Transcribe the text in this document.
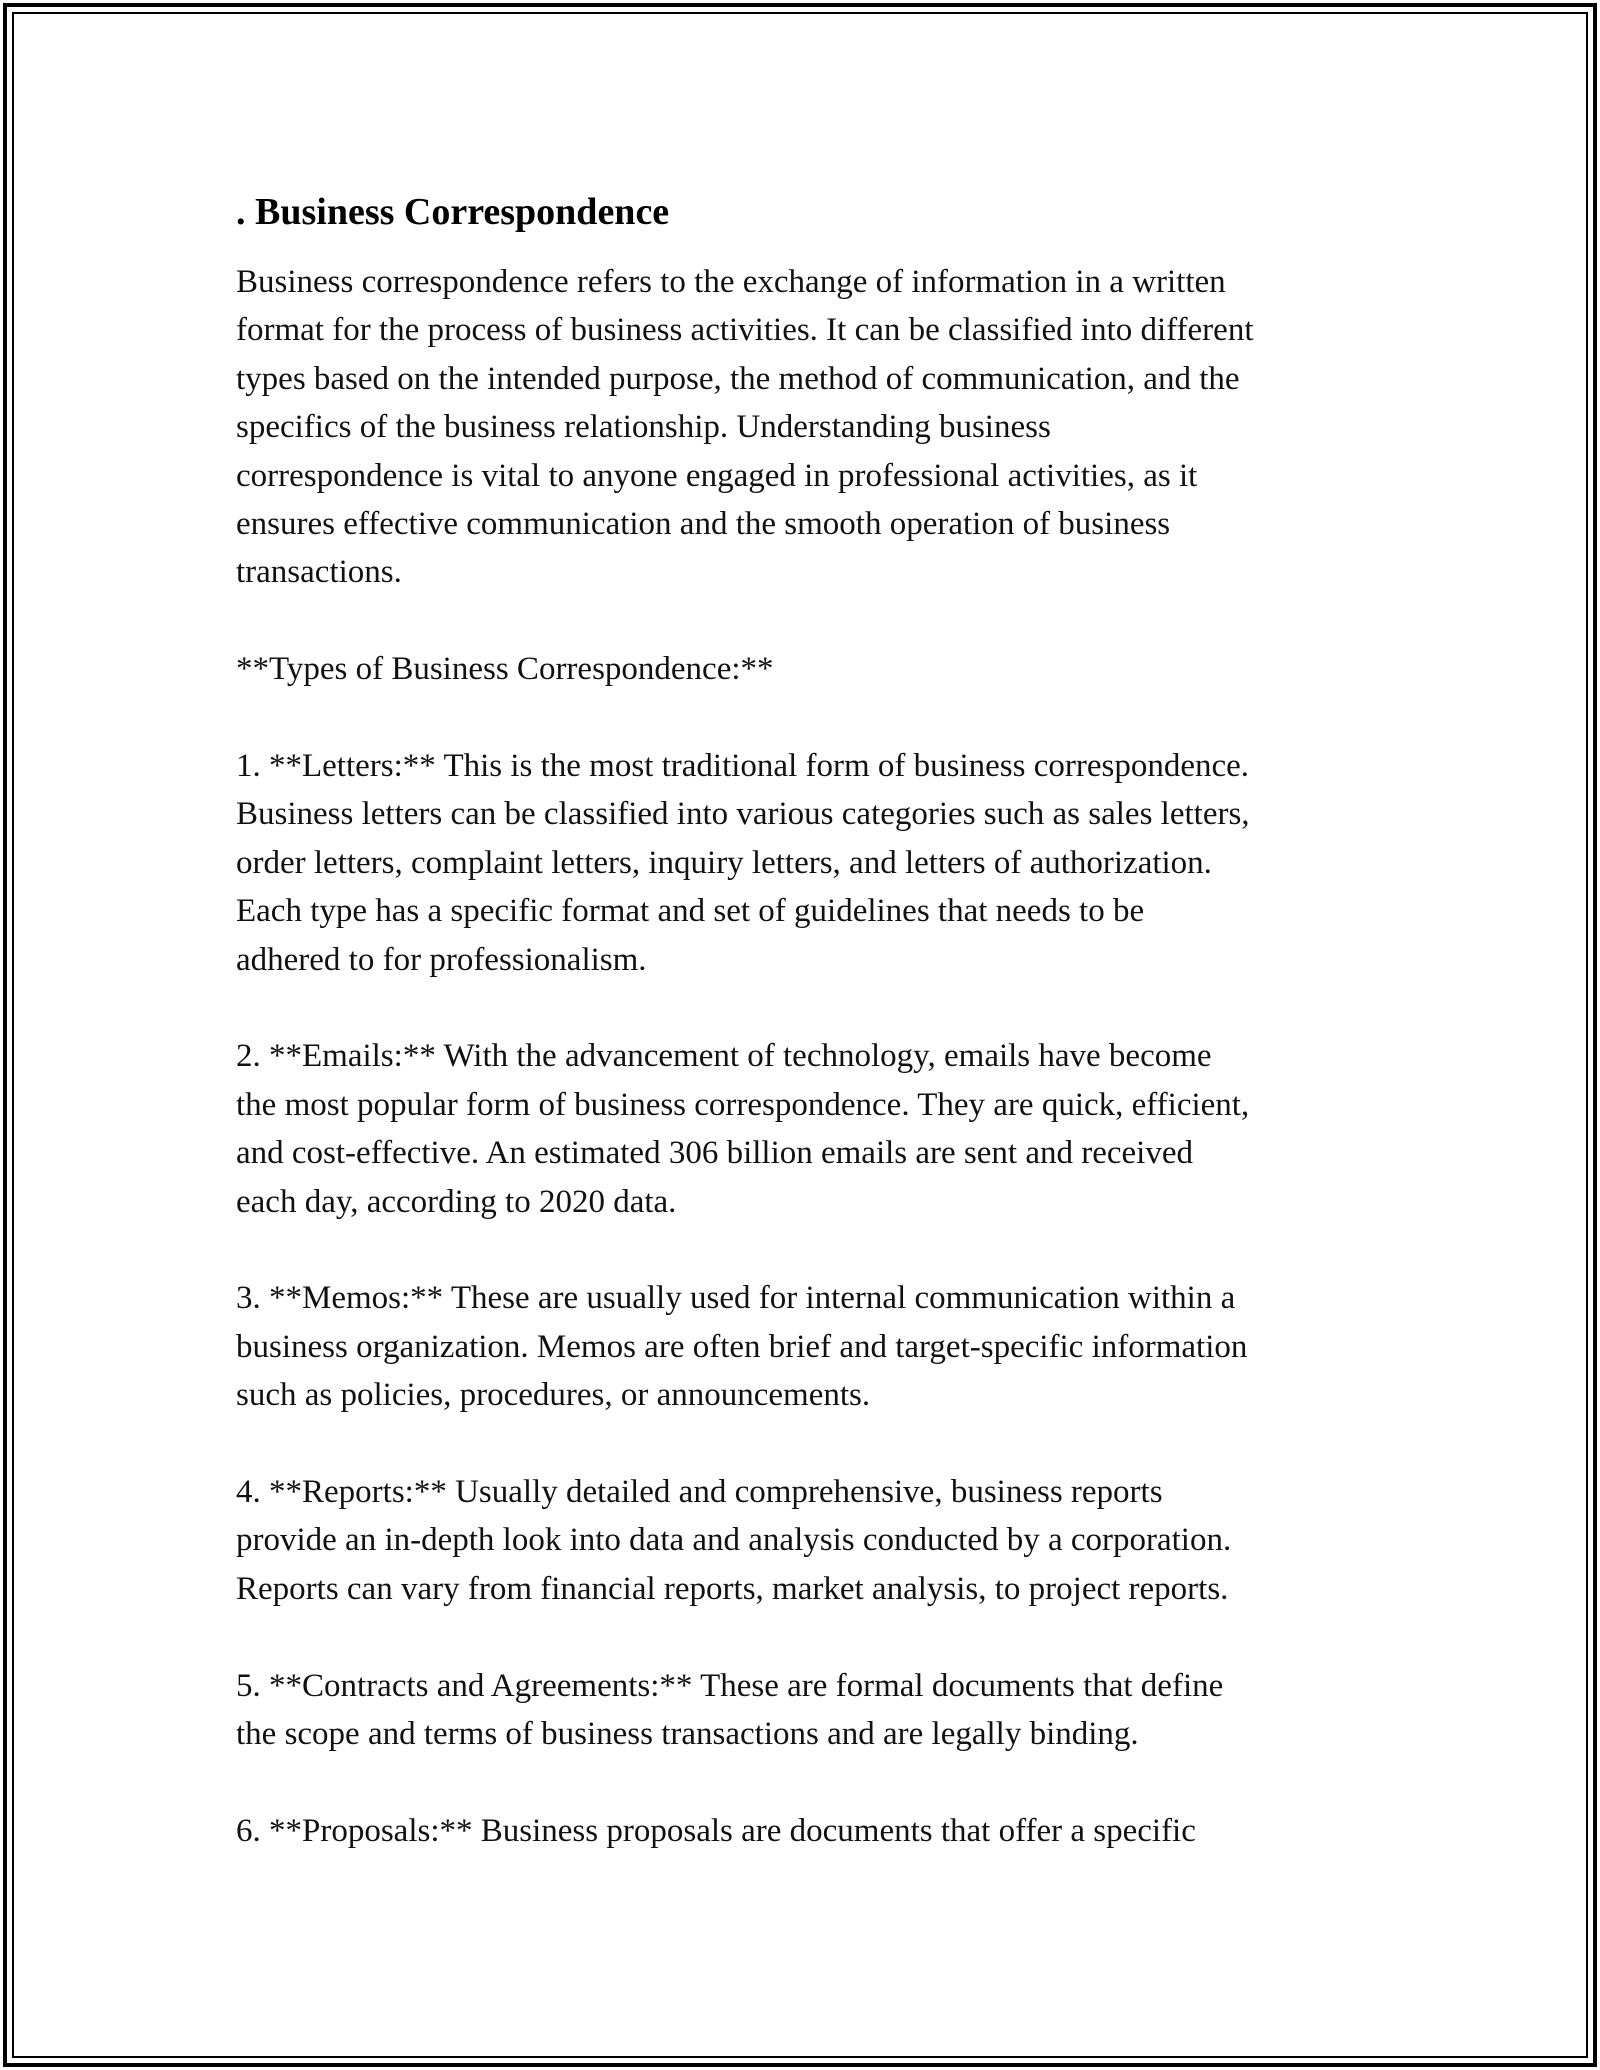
. Business Correspondence

Business correspondence refers to the exchange of information in a written
format for the process of business activities. It can be classified into different
types based on the intended purpose, the method of communication, and the
specifics of the business relationship. Understanding business
correspondence is vital to anyone engaged in professional activities, as it
ensures effective communication and the smooth operation of business
transactions.

**Types of Business Correspondence:**

1. **Letters:** This is the most traditional form of business correspondence.
Business letters can be classified into various categories such as sales letters,
order letters, complaint letters, inquiry letters, and letters of authorization.
Each type has a specific format and set of guidelines that needs to be
adhered to for professionalism.

2. **Emails:** With the advancement of technology, emails have become
the most popular form of business correspondence. They are quick, efficient,
and cost-effective. An estimated 306 billion emails are sent and received
each day, according to 2020 data.

3. **Memos:** These are usually used for internal communication within a
business organization. Memos are often brief and target-specific information
such as policies, procedures, or announcements.

4. **Reports:** Usually detailed and comprehensive, business reports
provide an in-depth look into data and analysis conducted by a corporation.
Reports can vary from financial reports, market analysis, to project reports.

5. **Contracts and Agreements:** These are formal documents that define
the scope and terms of business transactions and are legally binding.

6. **Proposals:** Business proposals are documents that offer a specific
